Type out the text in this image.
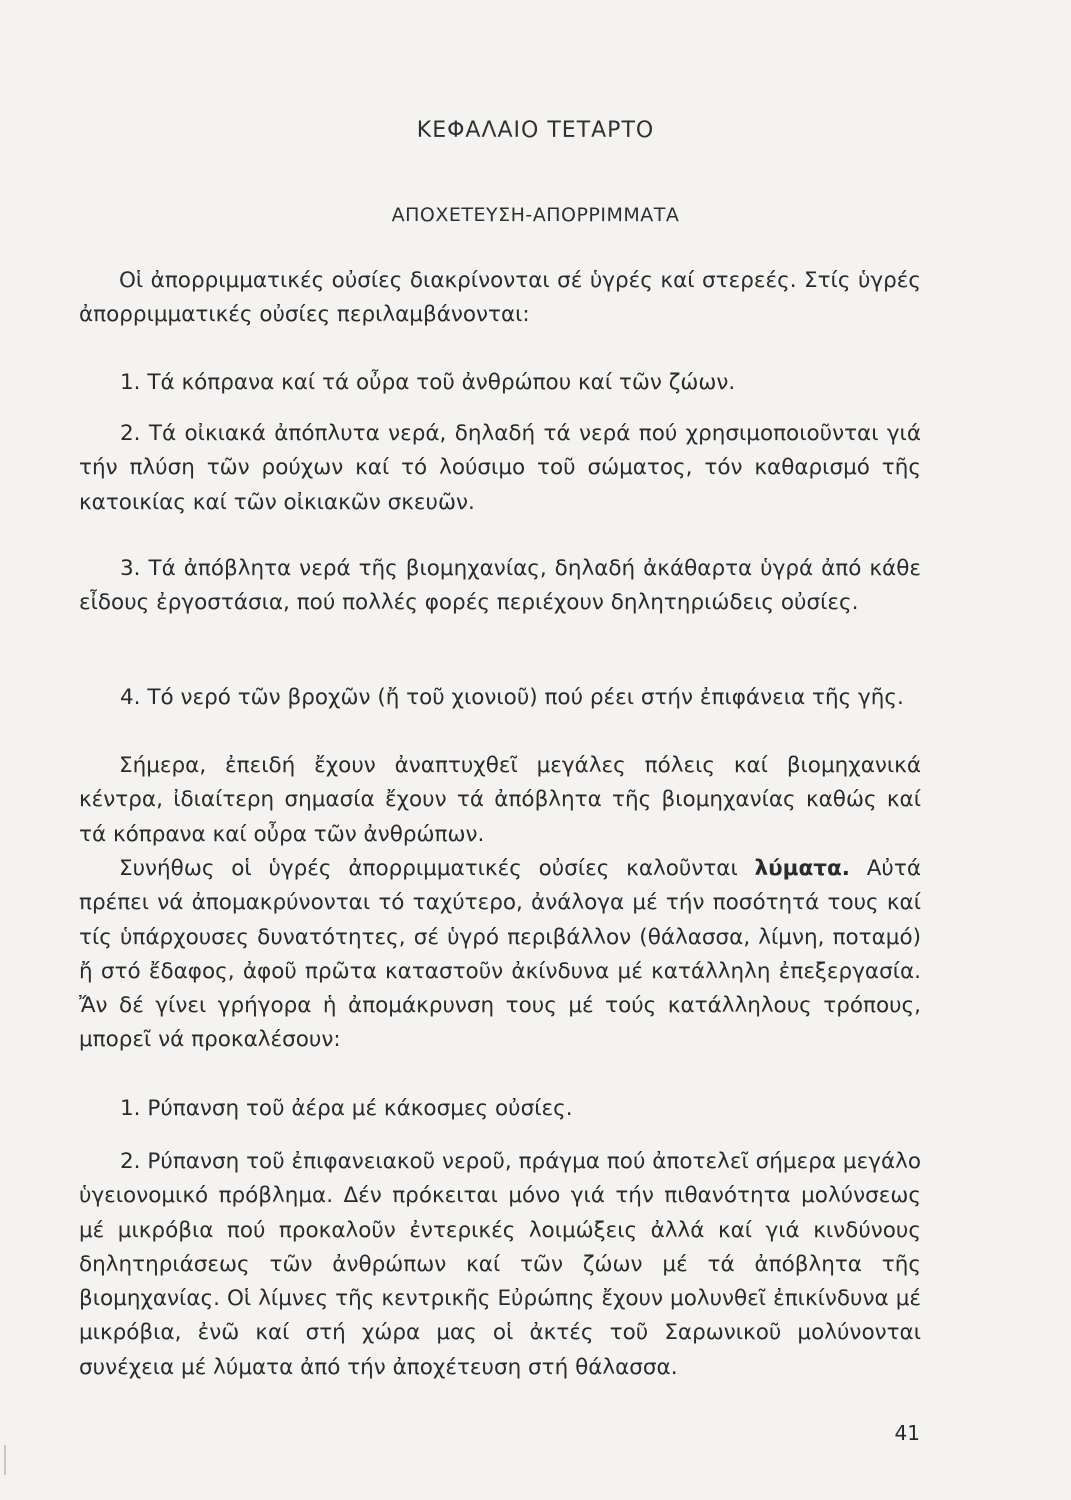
ΚΕΦΑΛΑΙΟ ΤΕΤΑΡΤΟ
ΑΠΟΧΕΤΕΥΣΗ-ΑΠΟΡΡΙΜΜΑΤΑ

Οἱ ἀπορριμματικές οὐσίες διακρίνονται σέ ὑγρές καί στερεές. Στίς ὑγρές ἀπορριμματικές οὐσίες περιλαμβάνονται:

1. Τά κόπρανα καί τά οὖρα τοῦ ἀνθρώπου καί τῶν ζώων.

2. Τά οἰκιακά ἀπόπλυτα νερά, δηλαδή τά νερά πού χρησιμοποιοῦνται γιά τήν πλύση τῶν ρούχων καί τό λούσιμο τοῦ σώματος, τόν καθαρισμό τῆς κατοικίας καί τῶν οἰκιακῶν σκευῶν.

3. Τά ἀπόβλητα νερά τῆς βιομηχανίας, δηλαδή ἀκάθαρτα ὑγρά ἀπό κάθε εἶδους ἐργοστάσια, πού πολλές φορές περιέχουν δηλητηριώδεις οὐσίες.

4. Τό νερό τῶν βροχῶν (ἤ τοῦ χιονιοῦ) πού ρέει στήν ἐπιφάνεια τῆς γῆς.

Σήμερα, ἐπειδή ἔχουν ἀναπτυχθεῖ μεγάλες πόλεις καί βιομηχανικά κέντρα, ἰδιαίτερη σημασία ἔχουν τά ἀπόβλητα τῆς βιομηχανίας καθώς καί τά κόπρανα καί οὖρα τῶν ἀνθρώπων.

Συνήθως οἱ ὑγρές ἀπορριμματικές οὐσίες καλοῦνται λύματα. Αὐτά πρέπει νά ἀπομακρύνονται τό ταχύτερο, ἀνάλογα μέ τήν ποσότητά τους καί τίς ὑπάρχουσες δυνατότητες, σέ ὑγρό περιβάλλον (θάλασσα, λίμνη, ποταμό) ἤ στό ἔδαφος, ἀφοῦ πρῶτα καταστοῦν ἀκίνδυνα μέ κατάλληλη ἐπεξεργασία. Ἄν δέ γίνει γρήγορα ἡ ἀπομάκρυνση τους μέ τούς κατάλληλους τρόπους, μπορεῖ νά προκαλέσουν:

1. Ρύπανση τοῦ ἀέρα μέ κάκοσμες οὐσίες.

2. Ρύπανση τοῦ ἐπιφανειακοῦ νεροῦ, πράγμα πού ἀποτελεῖ σήμερα μεγάλο ὑγειονομικό πρόβλημα. Δέν πρόκειται μόνο γιά τήν πιθανότητα μολύνσεως μέ μικρόβια πού προκαλοῦν ἐντερικές λοιμώξεις ἀλλά καί γιά κινδύνους δηλητηριάσεως τῶν ἀνθρώπων καί τῶν ζώων μέ τά ἀπόβλητα τῆς βιομηχανίας. Οἱ λίμνες τῆς κεντρικῆς Εὐρώπης ἔχουν μολυνθεῖ ἐπικίνδυνα μέ μικρόβια, ἐνῶ καί στή χώρα μας οἱ ἀκτές τοῦ Σαρωνικοῦ μολύνονται συνέχεια μέ λύματα ἀπό τήν ἀποχέτευση στή θάλασσα.

41
